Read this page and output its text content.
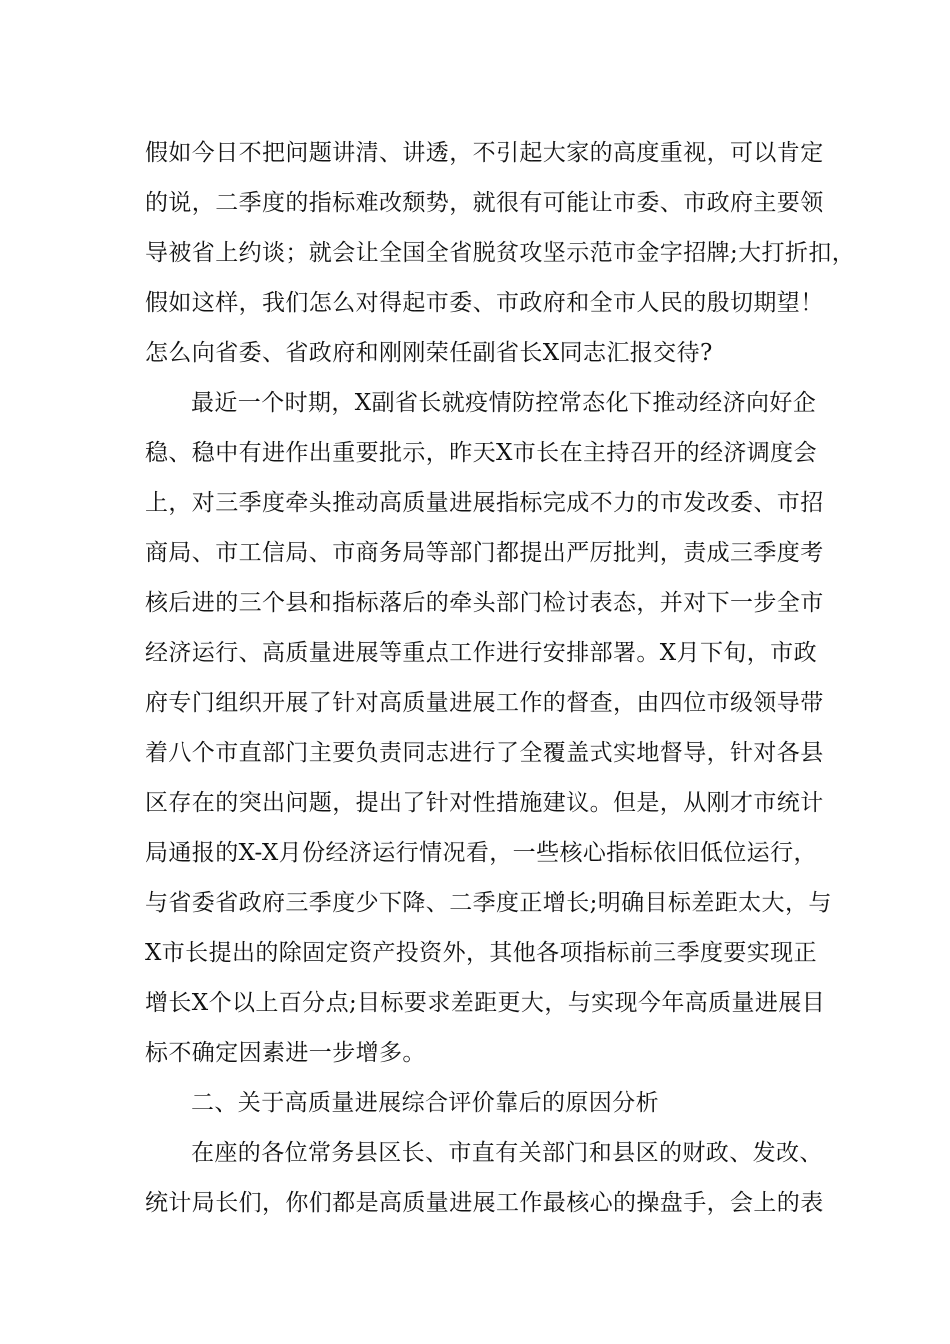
假如今日不把问题讲清、讲透，不引起大家的高度重视，可以肯定
的说，二季度的指标难改颓势，就很有可能让市委、市政府主要领
导被省上约谈；就会让全国全省脱贫攻坚示范市金字招牌;大打折扣，
假如这样，我们怎么对得起市委、市政府和全市人民的殷切期望！
怎么向省委、省政府和刚刚荣任副省长X同志汇报交待?
最近一个时期，X副省长就疫情防控常态化下推动经济向好企
稳、稳中有进作出重要批示，昨天X市长在主持召开的经济调度会
上，对三季度牵头推动高质量进展指标完成不力的市发改委、市招
商局、市工信局、市商务局等部门都提出严厉批判，责成三季度考
核后进的三个县和指标落后的牵头部门检讨表态，并对下一步全市
经济运行、高质量进展等重点工作进行安排部署。X月下旬，市政
府专门组织开展了针对高质量进展工作的督查，由四位市级领导带
着八个市直部门主要负责同志进行了全覆盖式实地督导，针对各县
区存在的突出问题，提出了针对性措施建议。但是，从刚才市统计
局通报的X-X月份经济运行情况看，一些核心指标依旧低位运行，
与省委省政府三季度少下降、二季度正增长;明确目标差距太大，与
X市长提出的除固定资产投资外，其他各项指标前三季度要实现正
增长X个以上百分点;目标要求差距更大，与实现今年高质量进展目
标不确定因素进一步增多。
二、关于高质量进展综合评价靠后的原因分析
在座的各位常务县区长、市直有关部门和县区的财政、发改、
统计局长们，你们都是高质量进展工作最核心的操盘手，会上的表
